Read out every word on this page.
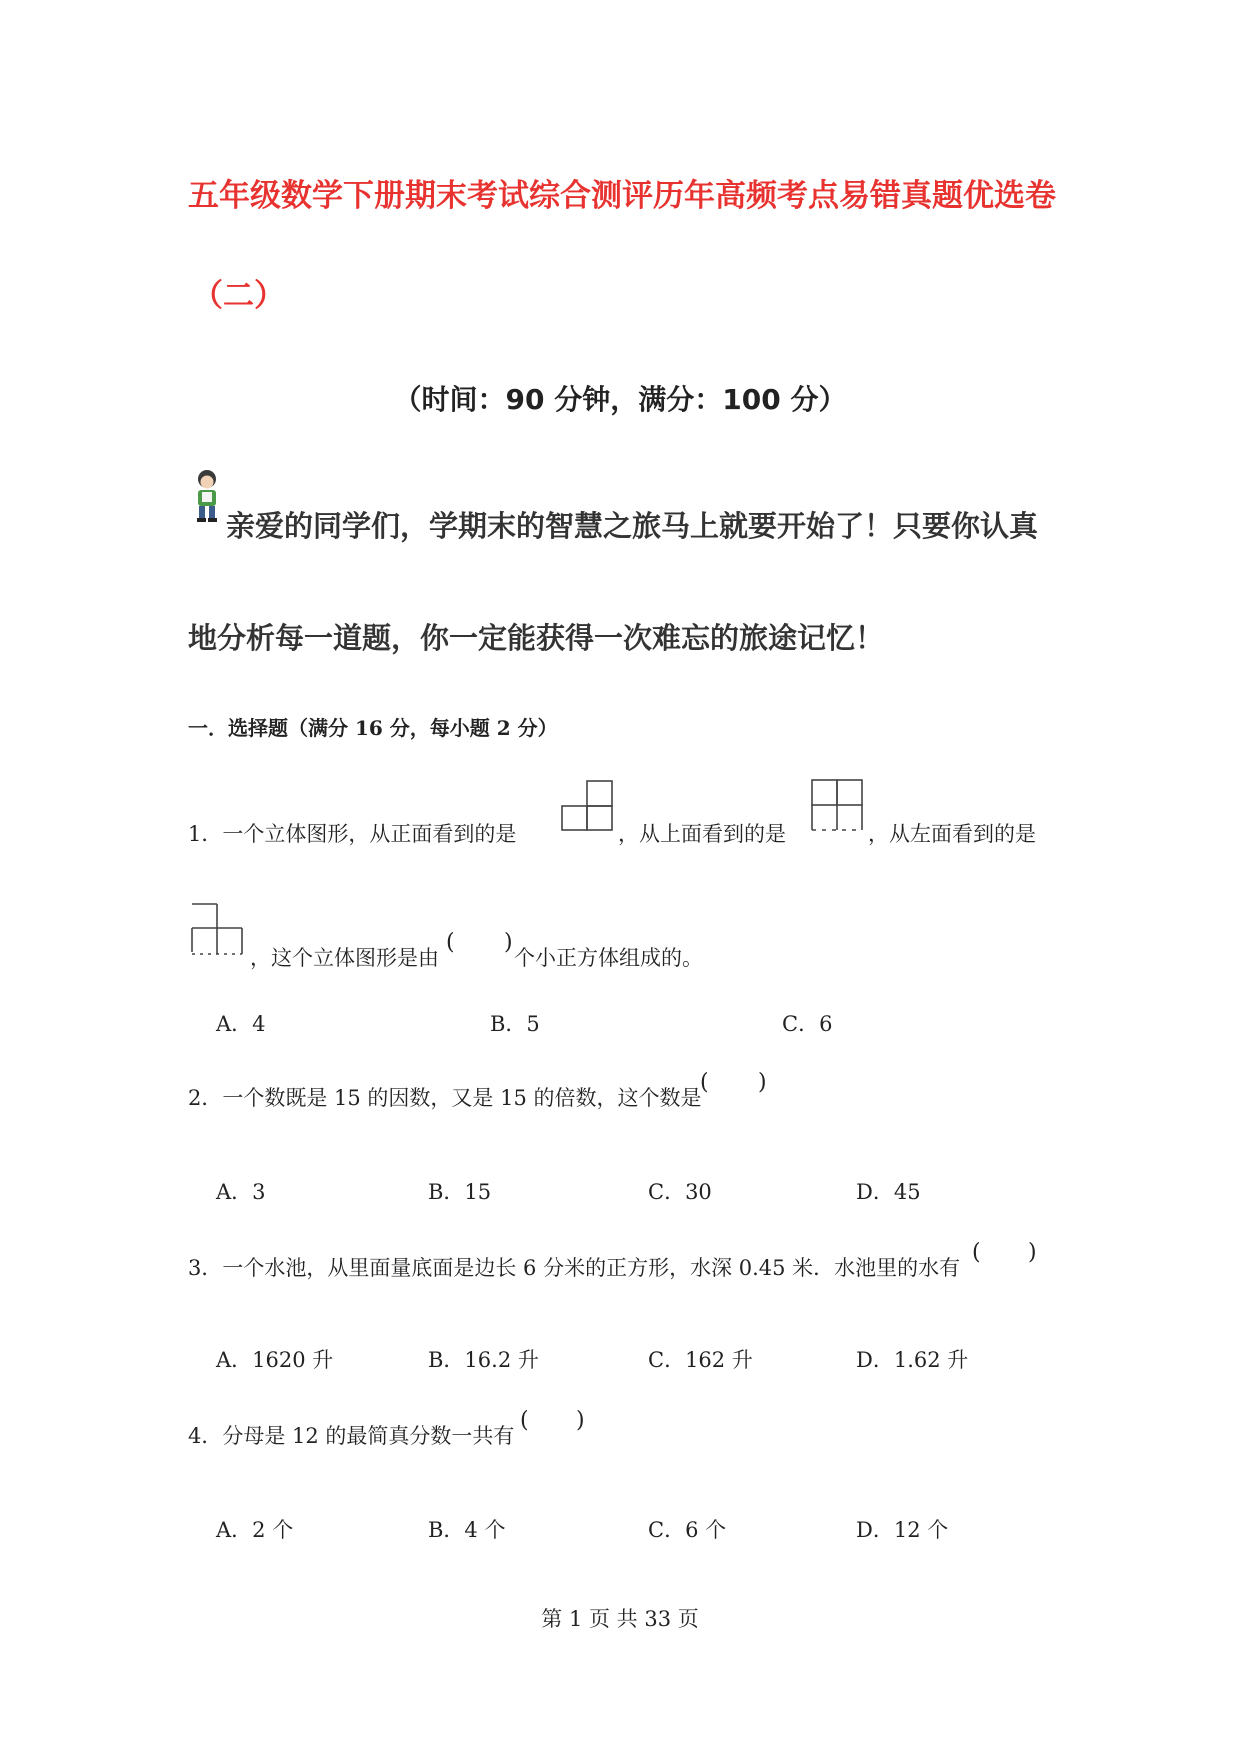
五年级数学下册期末考试综合测评历年高频考点易错真题优选卷
（二）
（时间：90 分钟，满分：100 分）
亲爱的同学们，学期末的智慧之旅马上就要开始了！只要你认真
地分析每一道题，你一定能获得一次难忘的旅途记忆！
一．选择题（满分 16 分，每小题 2 分）
1．一个立体图形，从正面看到的是	，从上面看到的是	，从左面看到的是
，这个立体图形是由
( )
个小正方体组成的。
A．4	B．5	C．6
2．一个数既是 15 的因数，又是 15 的倍数，这个数是
( )
A．3	B．15	C．30	D．45
3．一个水池，从里面量底面是边长 6 分米的正方形，水深 0.45 米．水池里的水有
( )
A．1620 升	B．16.2 升	C．162 升	D．1.62 升
4．分母是 12 的最简真分数一共有
( )
A．2 个	B．4 个	C．6 个	D．12 个
第 1 页 共 33 页
